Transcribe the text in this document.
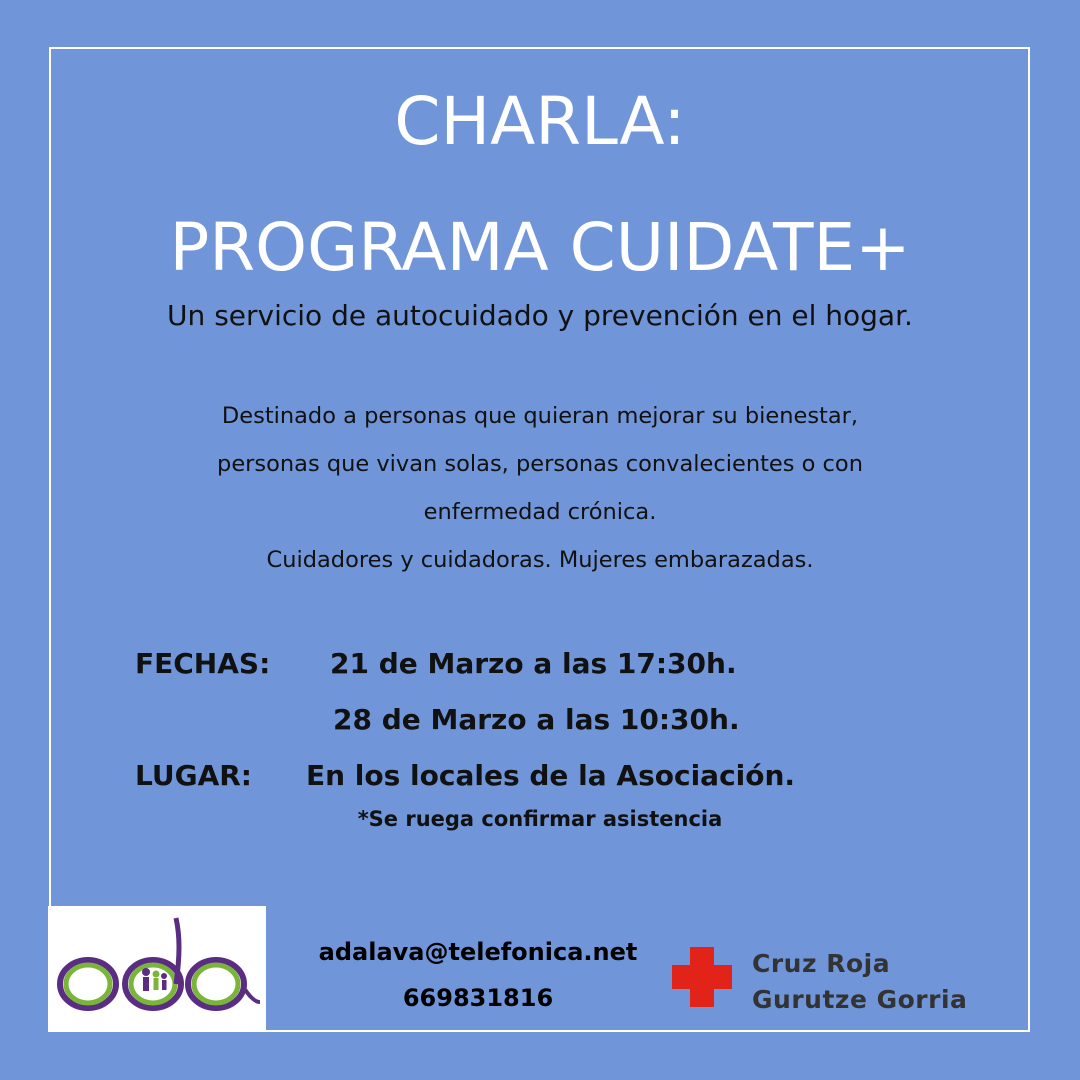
CHARLA:
PROGRAMA CUIDATE+
Un servicio de autocuidado y prevención en el hogar.
Destinado a personas que quieran mejorar su bienestar,
personas que vivan solas, personas convalecientes o con
enfermedad crónica.
Cuidadores y cuidadoras. Mujeres embarazadas.
FECHAS: 21 de Marzo a las 17:30h.
28 de Marzo a las 10:30h.
LUGAR: En los locales de la Asociación.
*Se ruega confirmar asistencia
adalava@telefonica.net
669831816
Cruz Roja
Gurutze Gorria
